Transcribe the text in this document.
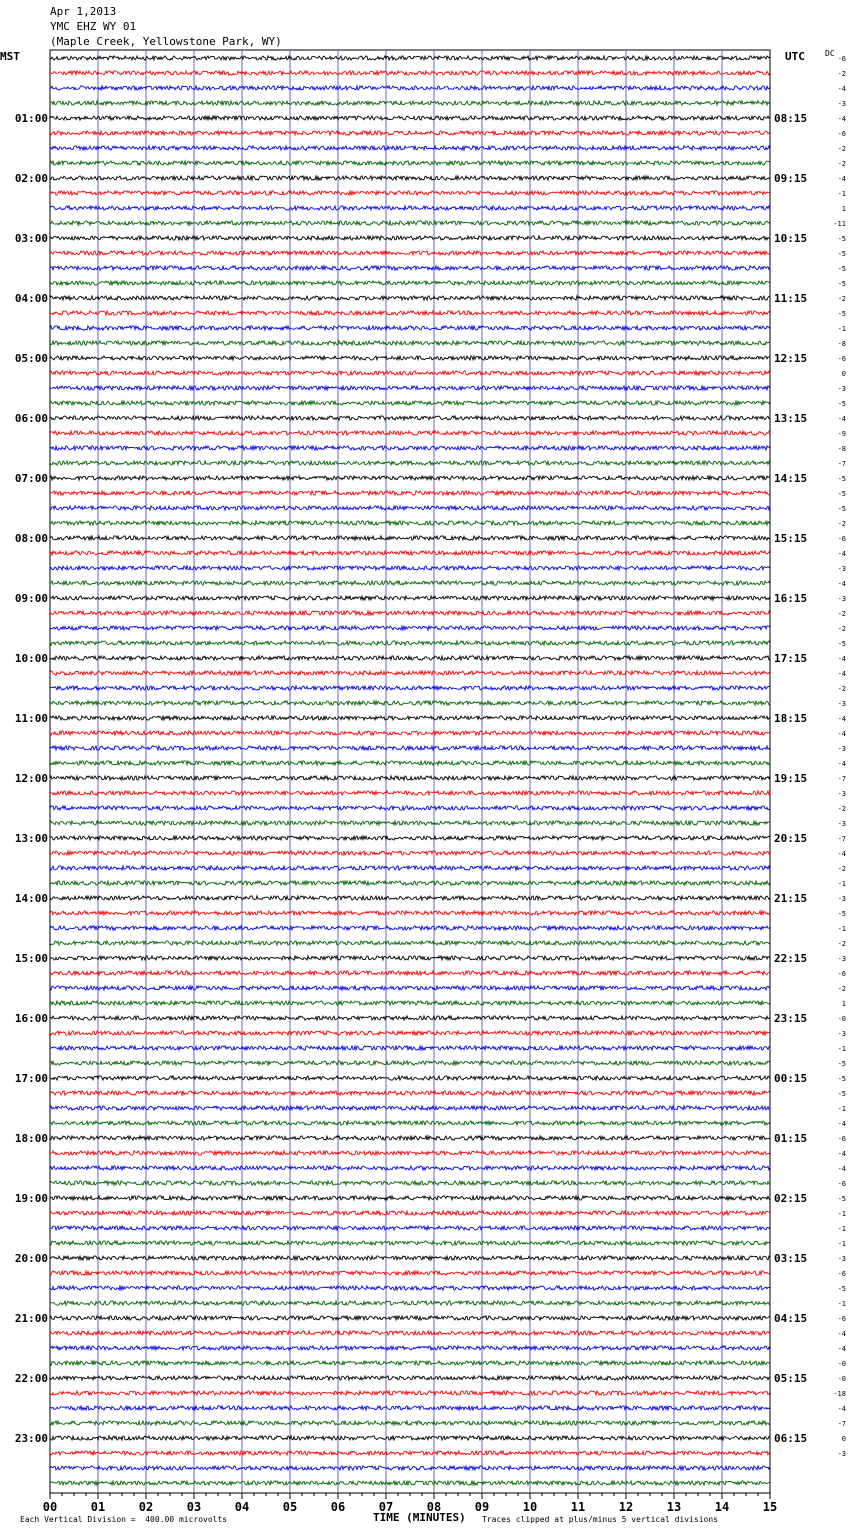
Apr 1,2013
YMC EHZ WY 01
(Maple Creek, Yellowstone Park, WY)
MST	UTC	DC
00	01	02	03	04	05	06	07	08	09	10	11	12	13	14	15
01:00
02:00
03:00
04:00
05:00
06:00
07:00
08:00
09:00
10:00
11:00
12:00
13:00
14:00
15:00
16:00
17:00
18:00
19:00
20:00
21:00
22:00
23:00
08:15
09:15
10:15
11:15
12:15
13:15
14:15
15:15
16:15
17:15
18:15
19:15
20:15
21:15
22:15
23:15
00:15
01:15
02:15
03:15
04:15
05:15
06:15
-6
-2
-4
-3
-4
-6
-2
-2
-4
-1
1
-11
-5
-5
-5
-5
-2
-5
-1
-8
-6
0
-3
-5
-4
-9
-8
-7
-5
-5
-5
-2
-6
-4
-3
-4
-3
-2
-2
-5
-4
-4
-2
-3
-4
-4
-3
-4
-7
-3
-2
-3
-7
-4
-2
-1
-3
-5
-1
-2
-3
-6
-2
1
-0
-3
-1
-5
-5
-5
-1
-4
-6
-4
-4
-6
-5
-1
-1
-1
-3
-6
-5
-1
-6
-4
-4
-0
-0
-18
-4
-7
0
-3
Each Vertical Division =  400.00 microvolts	TIME (MINUTES) Traces clipped at plus/minus 5 vertical divisions
